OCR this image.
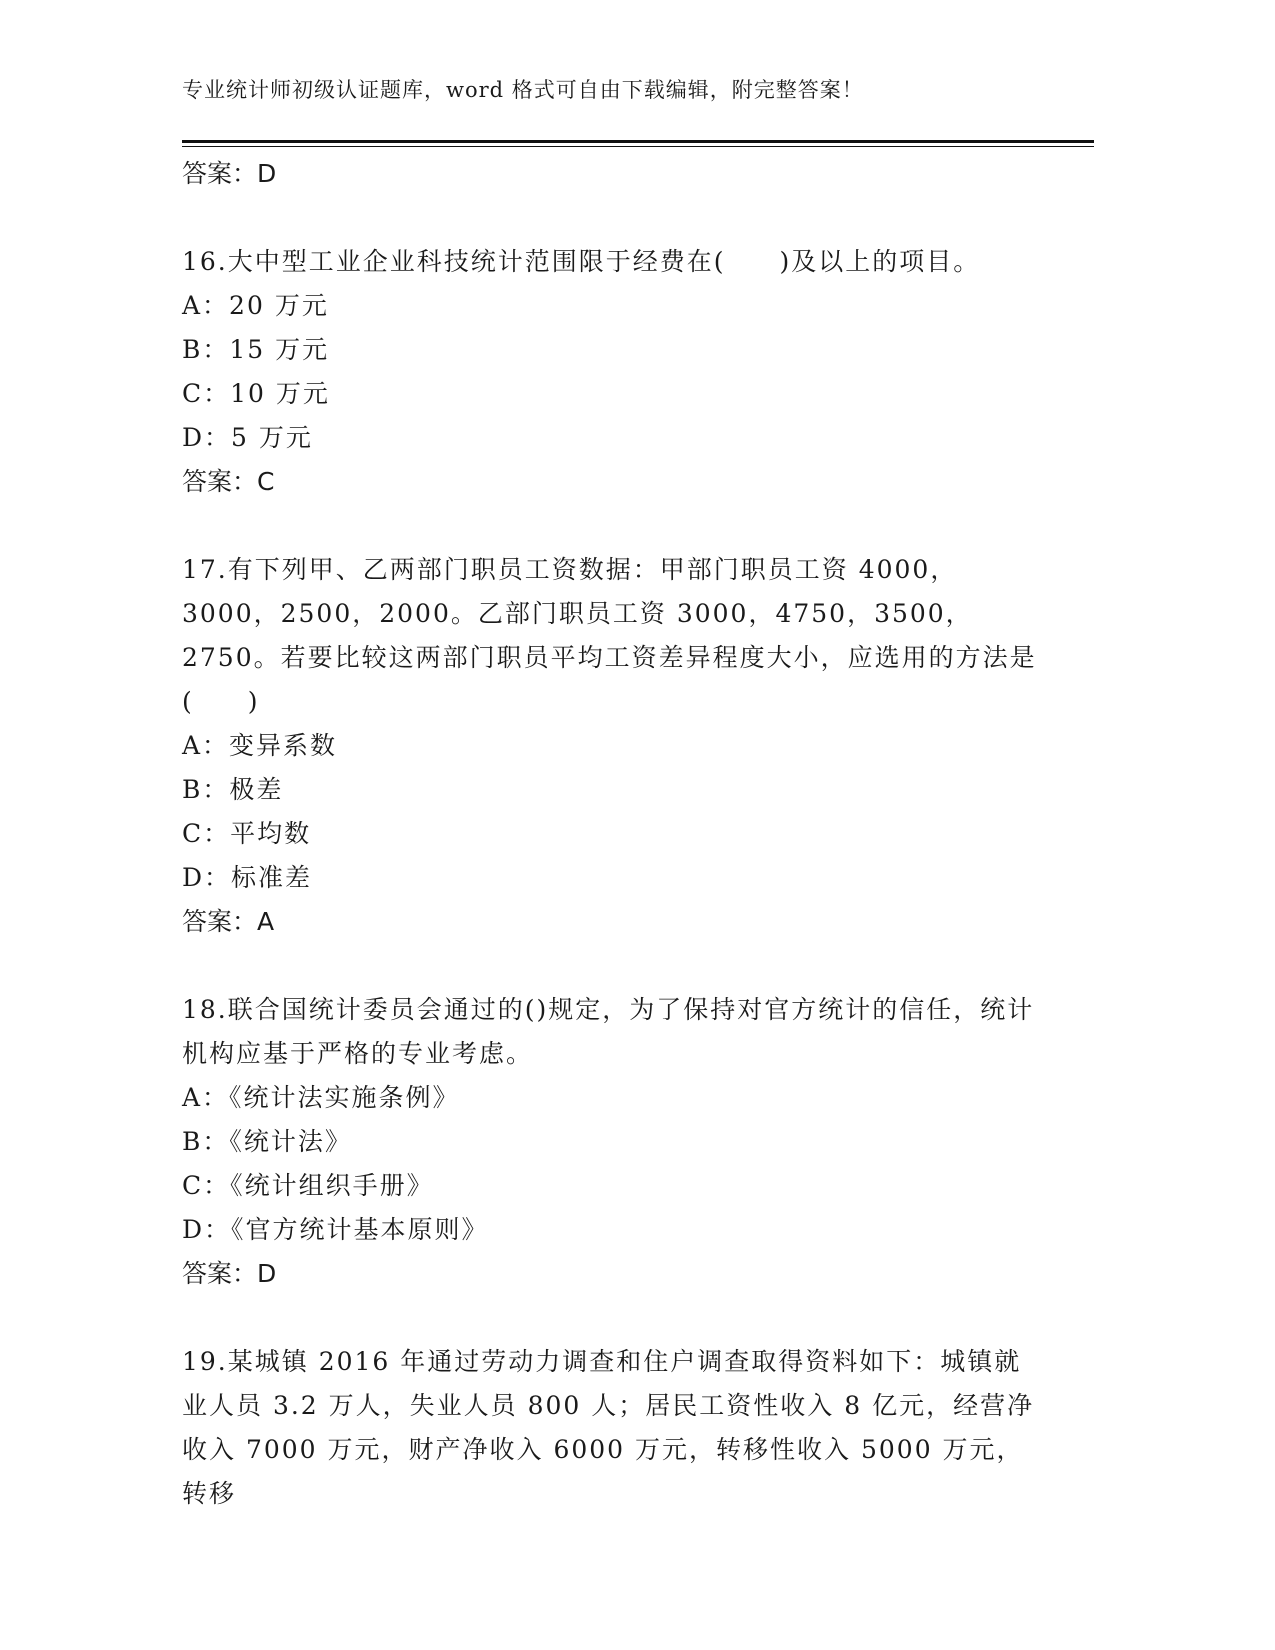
专业统计师初级认证题库，word 格式可自由下载编辑，附完整答案！

答案：D

16.大中型工业企业科技统计范围限于经费在(　　)及以上的项目。

A：20 万元

B：15 万元

C：10 万元

D：5 万元

答案：C

17.有下列甲、乙两部门职员工资数据：甲部门职员工资 4000，3000，2500，2000。乙部门职员工资 3000，4750，3500，2750。若要比较这两部门职员平均工资差异程度大小，应选用的方法是(　　)

A：变异系数

B：极差

C：平均数

D：标准差

答案：A

18.联合国统计委员会通过的()规定，为了保持对官方统计的信任，统计机构应基于严格的专业考虑。

A：《统计法实施条例》

B：《统计法》

C：《统计组织手册》

D：《官方统计基本原则》

答案：D

19.某城镇 2016 年通过劳动力调查和住户调查取得资料如下：城镇就业人员 3.2 万人，失业人员 800 人；居民工资性收入 8 亿元，经营净收入 7000 万元，财产净收入 6000 万元，转移性收入 5000 万元，转移
